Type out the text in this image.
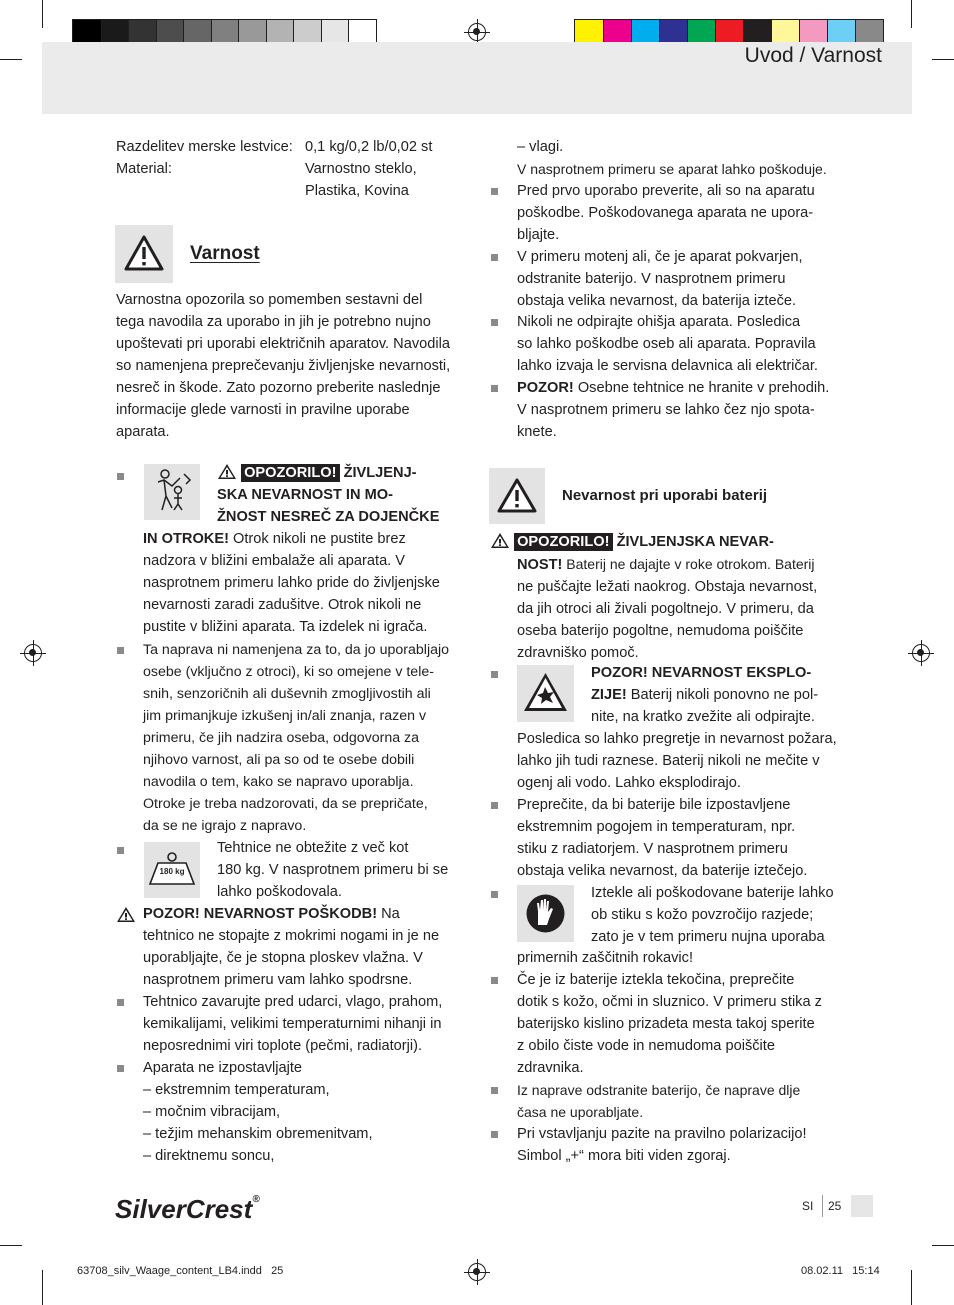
Uvod / Varnost
Razdelitev merske lestvice: 0,1 kg/0,2 lb/0,02 st
Material:	Varnostno steklo,
Plastika, Kovina
Varnost
Varnostna opozorila so pomemben sestavni del
tega navodila za uporabo in jih je potrebno nujno
upoštevati pri uporabi električnih aparatov. Navodila
so namenjena preprečevanju življenjske nevarnosti,
nesreč in škode. Zato pozorno preberite naslednje
informacije glede varnosti in pravilne uporabe
aparata.
OPOZORILO! ŽIVLJENJ-
SKA NEVARNOST IN MO-
ŽNOST NESREČ ZA DOJENČKE
IN OTROKE! Otrok nikoli ne pustite brez
nadzora v bližini embalaže ali aparata. V
nasprotnem primeru lahko pride do življenjske
nevarnosti zaradi zadušitve. Otrok nikoli ne
pustite v bližini aparata. Ta izdelek ni igrača.
Ta naprava ni namenjena za to, da jo uporabljajo
osebe (vključno z otroci), ki so omejene v tele-
snih, senzoričnih ali duševnih zmogljivostih ali
jim primanjkuje izkušenj in/ali znanja, razen v
primeru, če jih nadzira oseba, odgovorna za
njihovo varnost, ali pa so od te osebe dobili
navodila o tem, kako se napravo uporablja.
Otroke je treba nadzorovati, da se prepričate,
da se ne igrajo z napravo.
180 kg
Tehtnice ne obtežite z več kot
180 kg. V nasprotnem primeru bi se
lahko poškodovala.
POZOR! NEVARNOST POŠKODB! Na
tehtnico ne stopajte z mokrimi nogami in je ne
uporabljajte, če je stopna ploskev vlažna. V
nasprotnem primeru vam lahko spodrsne.
Tehtnico zavarujte pred udarci, vlago, prahom,
kemikalijami, velikimi temperaturnimi nihanji in
neposrednimi viri toplote (pečmi, radiatorji).
Aparata ne izpostavljajte
– ekstremnim temperaturam,
– močnim vibracijam,
– težjim mehanskim obremenitvam,
– direktnemu soncu,
– vlagi.
V nasprotnem primeru se aparat lahko poškoduje.
Pred prvo uporabo preverite, ali so na aparatu
poškodbe. Poškodovanega aparata ne upora-
bljajte.
V primeru motenj ali, če je aparat pokvarjen,
odstranite baterijo. V nasprotnem primeru
obstaja velika nevarnost, da baterija izteče.
Nikoli ne odpirajte ohišja aparata. Posledica
so lahko poškodbe oseb ali aparata. Popravila
lahko izvaja le servisna delavnica ali električar.
POZOR! Osebne tehtnice ne hranite v prehodih.
V nasprotnem primeru se lahko čez njo spota-
knete.
Nevarnost pri uporabi baterij
OPOZORILO! ŽIVLJENJSKA NEVAR-
NOST! Baterij ne dajajte v roke otrokom. Baterij
ne puščajte ležati naokrog. Obstaja nevarnost,
da jih otroci ali živali pogoltnejo. V primeru, da
oseba baterijo pogoltne, nemudoma poiščite
zdravniško pomoč.
POZOR! NEVARNOST EKSPLO-
ZIJE! Baterij nikoli ponovno ne pol-
nite, na kratko zvežite ali odpirajte.
Posledica so lahko pregretje in nevarnost požara,
lahko jih tudi raznese. Baterij nikoli ne mečite v
ogenj ali vodo. Lahko eksplodirajo.
Preprečite, da bi baterije bile izpostavljene
ekstremnim pogojem in temperaturam, npr.
stiku z radiatorjem. V nasprotnem primeru
obstaja velika nevarnost, da baterije iztečejo.
Iztekle ali poškodovane baterije lahko
ob stiku s kožo povzročijo razjede;
zato je v tem primeru nujna uporaba
primernih zaščitnih rokavic!
Če je iz baterije iztekla tekočina, preprečite
dotik s kožo, očmi in sluznico. V primeru stika z
baterijsko kislino prizadeta mesta takoj sperite
z obilo čiste vode in nemudoma poiščite
zdravnika.
Iz naprave odstranite baterijo, če naprave dlje
časa ne uporabljate.
Pri vstavljanju pazite na pravilno polarizacijo!
Simbol „+“ mora biti viden zgoraj.
SilverCrest®	SI 25
63708_silv_Waage_content_LB4.indd   25	08.02.11   15:14
